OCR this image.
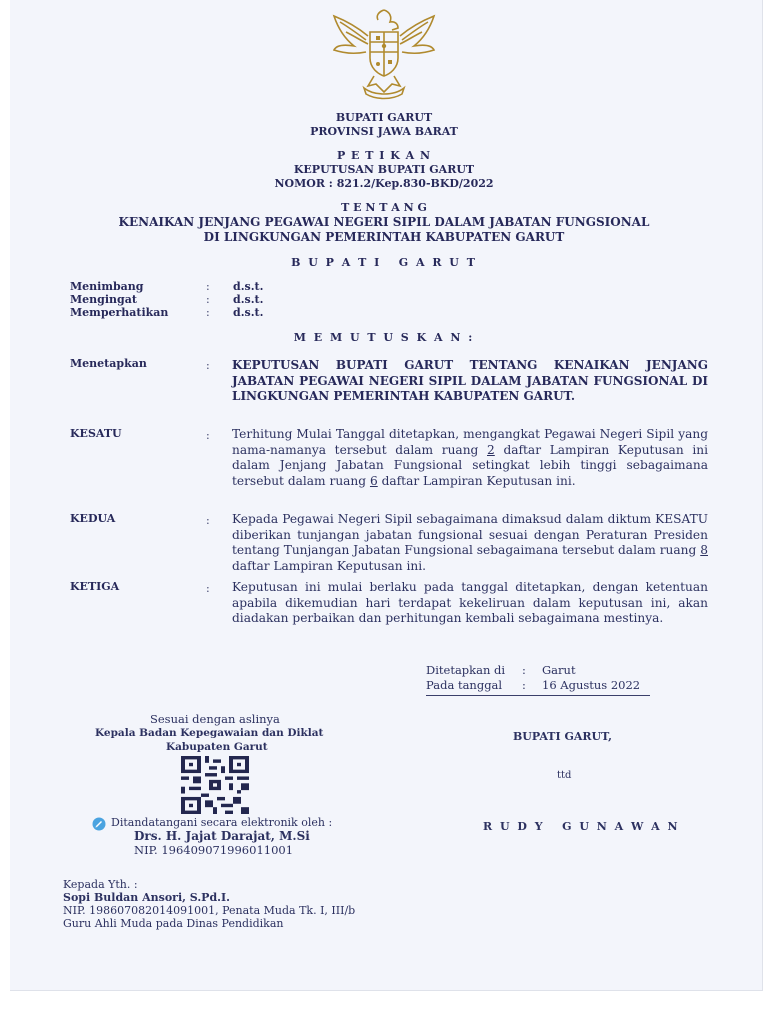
BUPATI GARUT
PROVINSI JAWA BARAT
P E T I K A N
KEPUTUSAN BUPATI GARUT
NOMOR : 821.2/Kep.830-BKD/2022
T E N T A N G
KENAIKAN JENJANG PEGAWAI NEGERI SIPIL DALAM JABATAN FUNGSIONAL
DI LINGKUNGAN PEMERINTAH KABUPATEN GARUT
B U P A T I   G A R U T
Menimbang	: d.s.t.
Mengingat	: d.s.t.
Memperhatikan	: d.s.t.
M E M U T U S K A N :
Menetapkan	: KEPUTUSAN BUPATI GARUT TENTANG KENAIKAN JENJANG JABATAN PEGAWAI NEGERI SIPIL DALAM JABATAN FUNGSIONAL DI LINGKUNGAN PEMERINTAH KABUPATEN GARUT.
KESATU	: Terhitung Mulai Tanggal ditetapkan, mengangkat Pegawai Negeri Sipil yang nama-namanya tersebut dalam ruang 2 daftar Lampiran Keputusan ini dalam Jenjang Jabatan Fungsional setingkat lebih tinggi sebagaimana tersebut dalam ruang 6 daftar Lampiran Keputusan ini.
KEDUA	: Kepada Pegawai Negeri Sipil sebagaimana dimaksud dalam diktum KESATU diberikan tunjangan jabatan fungsional sesuai dengan Peraturan Presiden tentang Tunjangan Jabatan Fungsional sebagaimana tersebut dalam ruang 8 daftar Lampiran Keputusan ini.
KETIGA	: Keputusan ini mulai berlaku pada tanggal ditetapkan, dengan ketentuan apabila dikemudian hari terdapat kekeliruan dalam keputusan ini, akan diadakan perbaikan dan perhitungan kembali sebagaimana mestinya.
Ditetapkan di : Garut
Pada tanggal : 16 Agustus 2022
Sesuai dengan aslinya
Kepala Badan Kepegawaian dan Diklat
Kabupaten Garut
Ditandatangani secara elektronik oleh :
Drs. H. Jajat Darajat, M.Si
NIP. 196409071996011001
BUPATI GARUT,
ttd
R U D Y   G U N A W A N
Kepada Yth. :
Sopi Buldan Ansori, S.Pd.I.
NIP. 198607082014091001, Penata Muda Tk. I, III/b
Guru Ahli Muda pada Dinas Pendidikan
